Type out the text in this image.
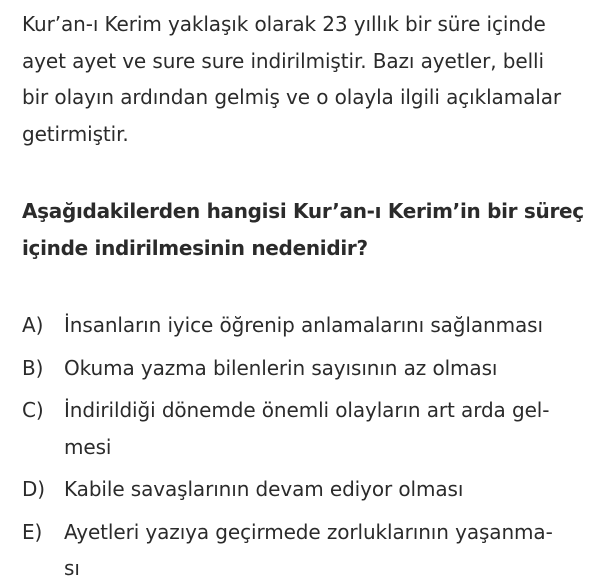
Kur’an-ı Kerim yaklaşık olarak 23 yıllık bir süre içinde
ayet ayet ve sure sure indirilmiştir. Bazı ayetler, belli
bir olayın ardından gelmiş ve o olayla ilgili açıklamalar
getirmiştir.

Aşağıdakilerden hangisi Kur’an-ı Kerim’in bir süreç
içinde indirilmesinin nedenidir?
A)	İnsanların iyice öğrenip anlamalarını sağlanması
B)	Okuma yazma bilenlerin sayısının az olması
C)	İndirildiği dönemde önemli olayların art arda gel-
mesi
D) Kabile savaşlarının devam ediyor olması
E)	Ayetleri yazıya geçirmede zorluklarının yaşanma-
sı
